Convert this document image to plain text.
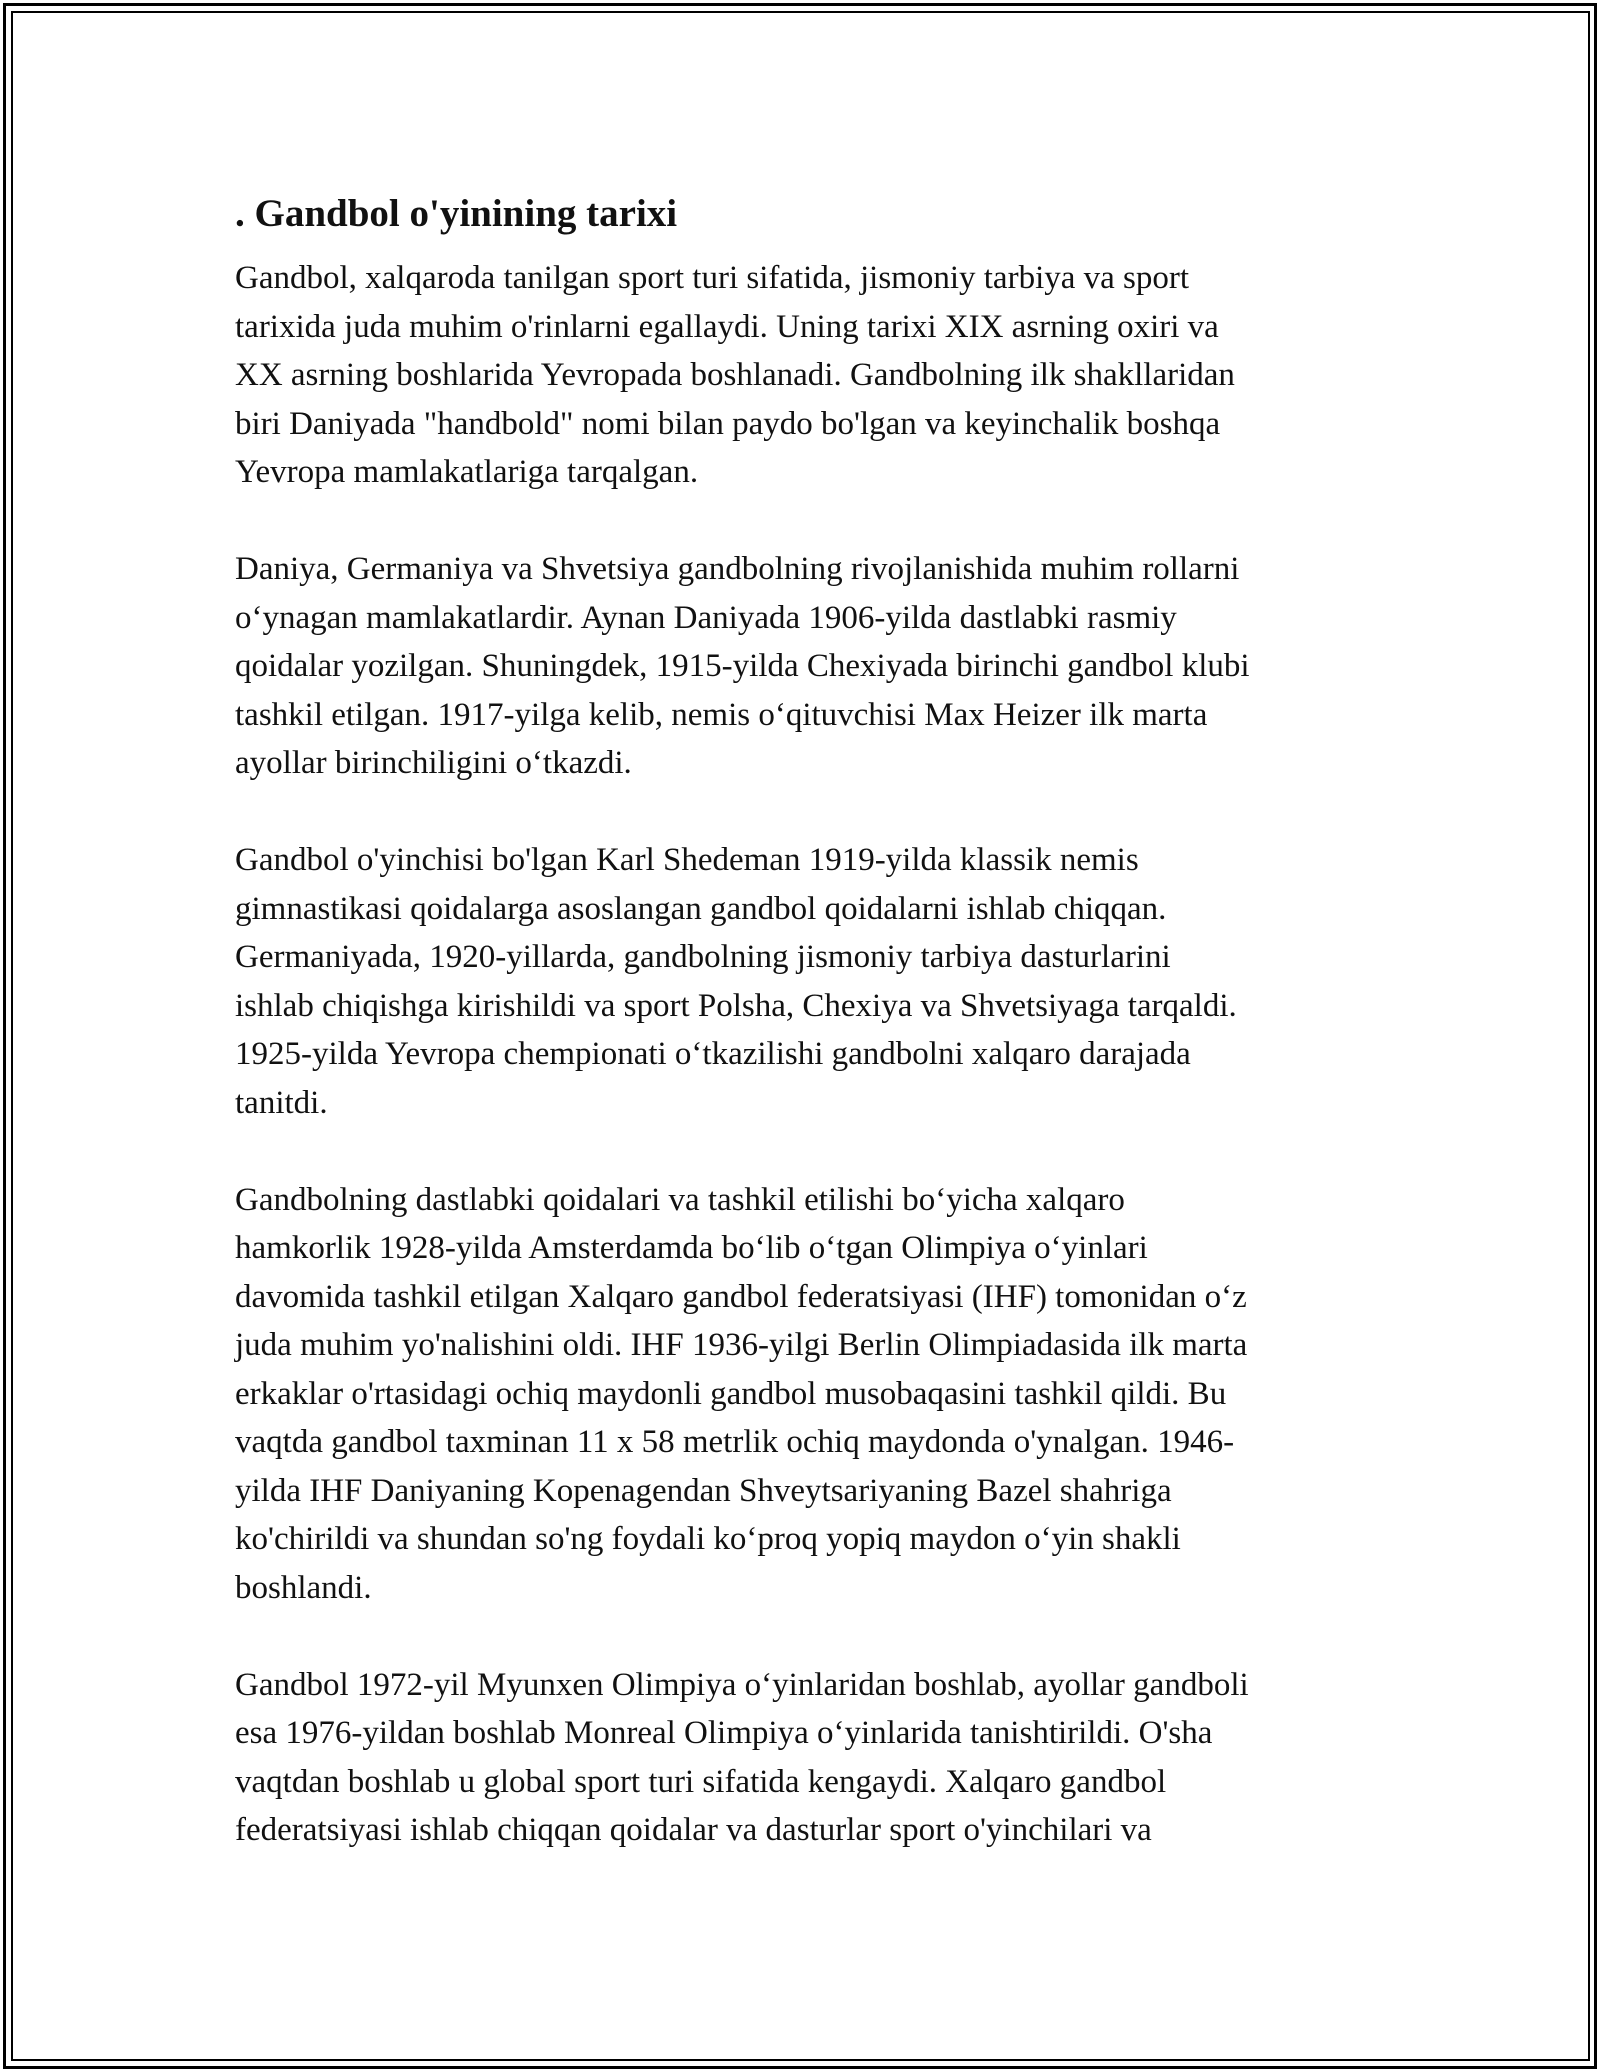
. Gandbol o'yinining tarixi

Gandbol, xalqaroda tanilgan sport turi sifatida, jismoniy tarbiya va sport
tarixida juda muhim o'rinlarni egallaydi. Uning tarixi XIX asrning oxiri va
XX asrning boshlarida Yevropada boshlanadi. Gandbolning ilk shakllaridan
biri Daniyada "handbold" nomi bilan paydo bo'lgan va keyinchalik boshqa
Yevropa mamlakatlariga tarqalgan.

Daniya, Germaniya va Shvetsiya gandbolning rivojlanishida muhim rollarni
o‘ynagan mamlakatlardir. Aynan Daniyada 1906-yilda dastlabki rasmiy
qoidalar yozilgan. Shuningdek, 1915-yilda Chexiyada birinchi gandbol klubi
tashkil etilgan. 1917-yilga kelib, nemis o‘qituvchisi Max Heizer ilk marta
ayollar birinchiligini o‘tkazdi.

Gandbol o'yinchisi bo'lgan Karl Shedeman 1919-yilda klassik nemis
gimnastikasi qoidalarga asoslangan gandbol qoidalarni ishlab chiqqan.
Germaniyada, 1920-yillarda, gandbolning jismoniy tarbiya dasturlarini
ishlab chiqishga kirishildi va sport Polsha, Chexiya va Shvetsiyaga tarqaldi.
1925-yilda Yevropa chempionati o‘tkazilishi gandbolni xalqaro darajada
tanitdi.

Gandbolning dastlabki qoidalari va tashkil etilishi bo‘yicha xalqaro
hamkorlik 1928-yilda Amsterdamda bo‘lib o‘tgan Olimpiya o‘yinlari
davomida tashkil etilgan Xalqaro gandbol federatsiyasi (IHF) tomonidan o‘z
juda muhim yo'nalishini oldi. IHF 1936-yilgi Berlin Olimpiadasida ilk marta
erkaklar o'rtasidagi ochiq maydonli gandbol musobaqasini tashkil qildi. Bu
vaqtda gandbol taxminan 11 x 58 metrlik ochiq maydonda o'ynalgan. 1946-
yilda IHF Daniyaning Kopenagendan Shveytsariyaning Bazel shahriga
ko'chirildi va shundan so'ng foydali ko‘proq yopiq maydon o‘yin shakli
boshlandi.

Gandbol 1972-yil Myunxen Olimpiya o‘yinlaridan boshlab, ayollar gandboli
esa 1976-yildan boshlab Monreal Olimpiya o‘yinlarida tanishtirildi. O'sha
vaqtdan boshlab u global sport turi sifatida kengaydi. Xalqaro gandbol
federatsiyasi ishlab chiqqan qoidalar va dasturlar sport o'yinchilari va
